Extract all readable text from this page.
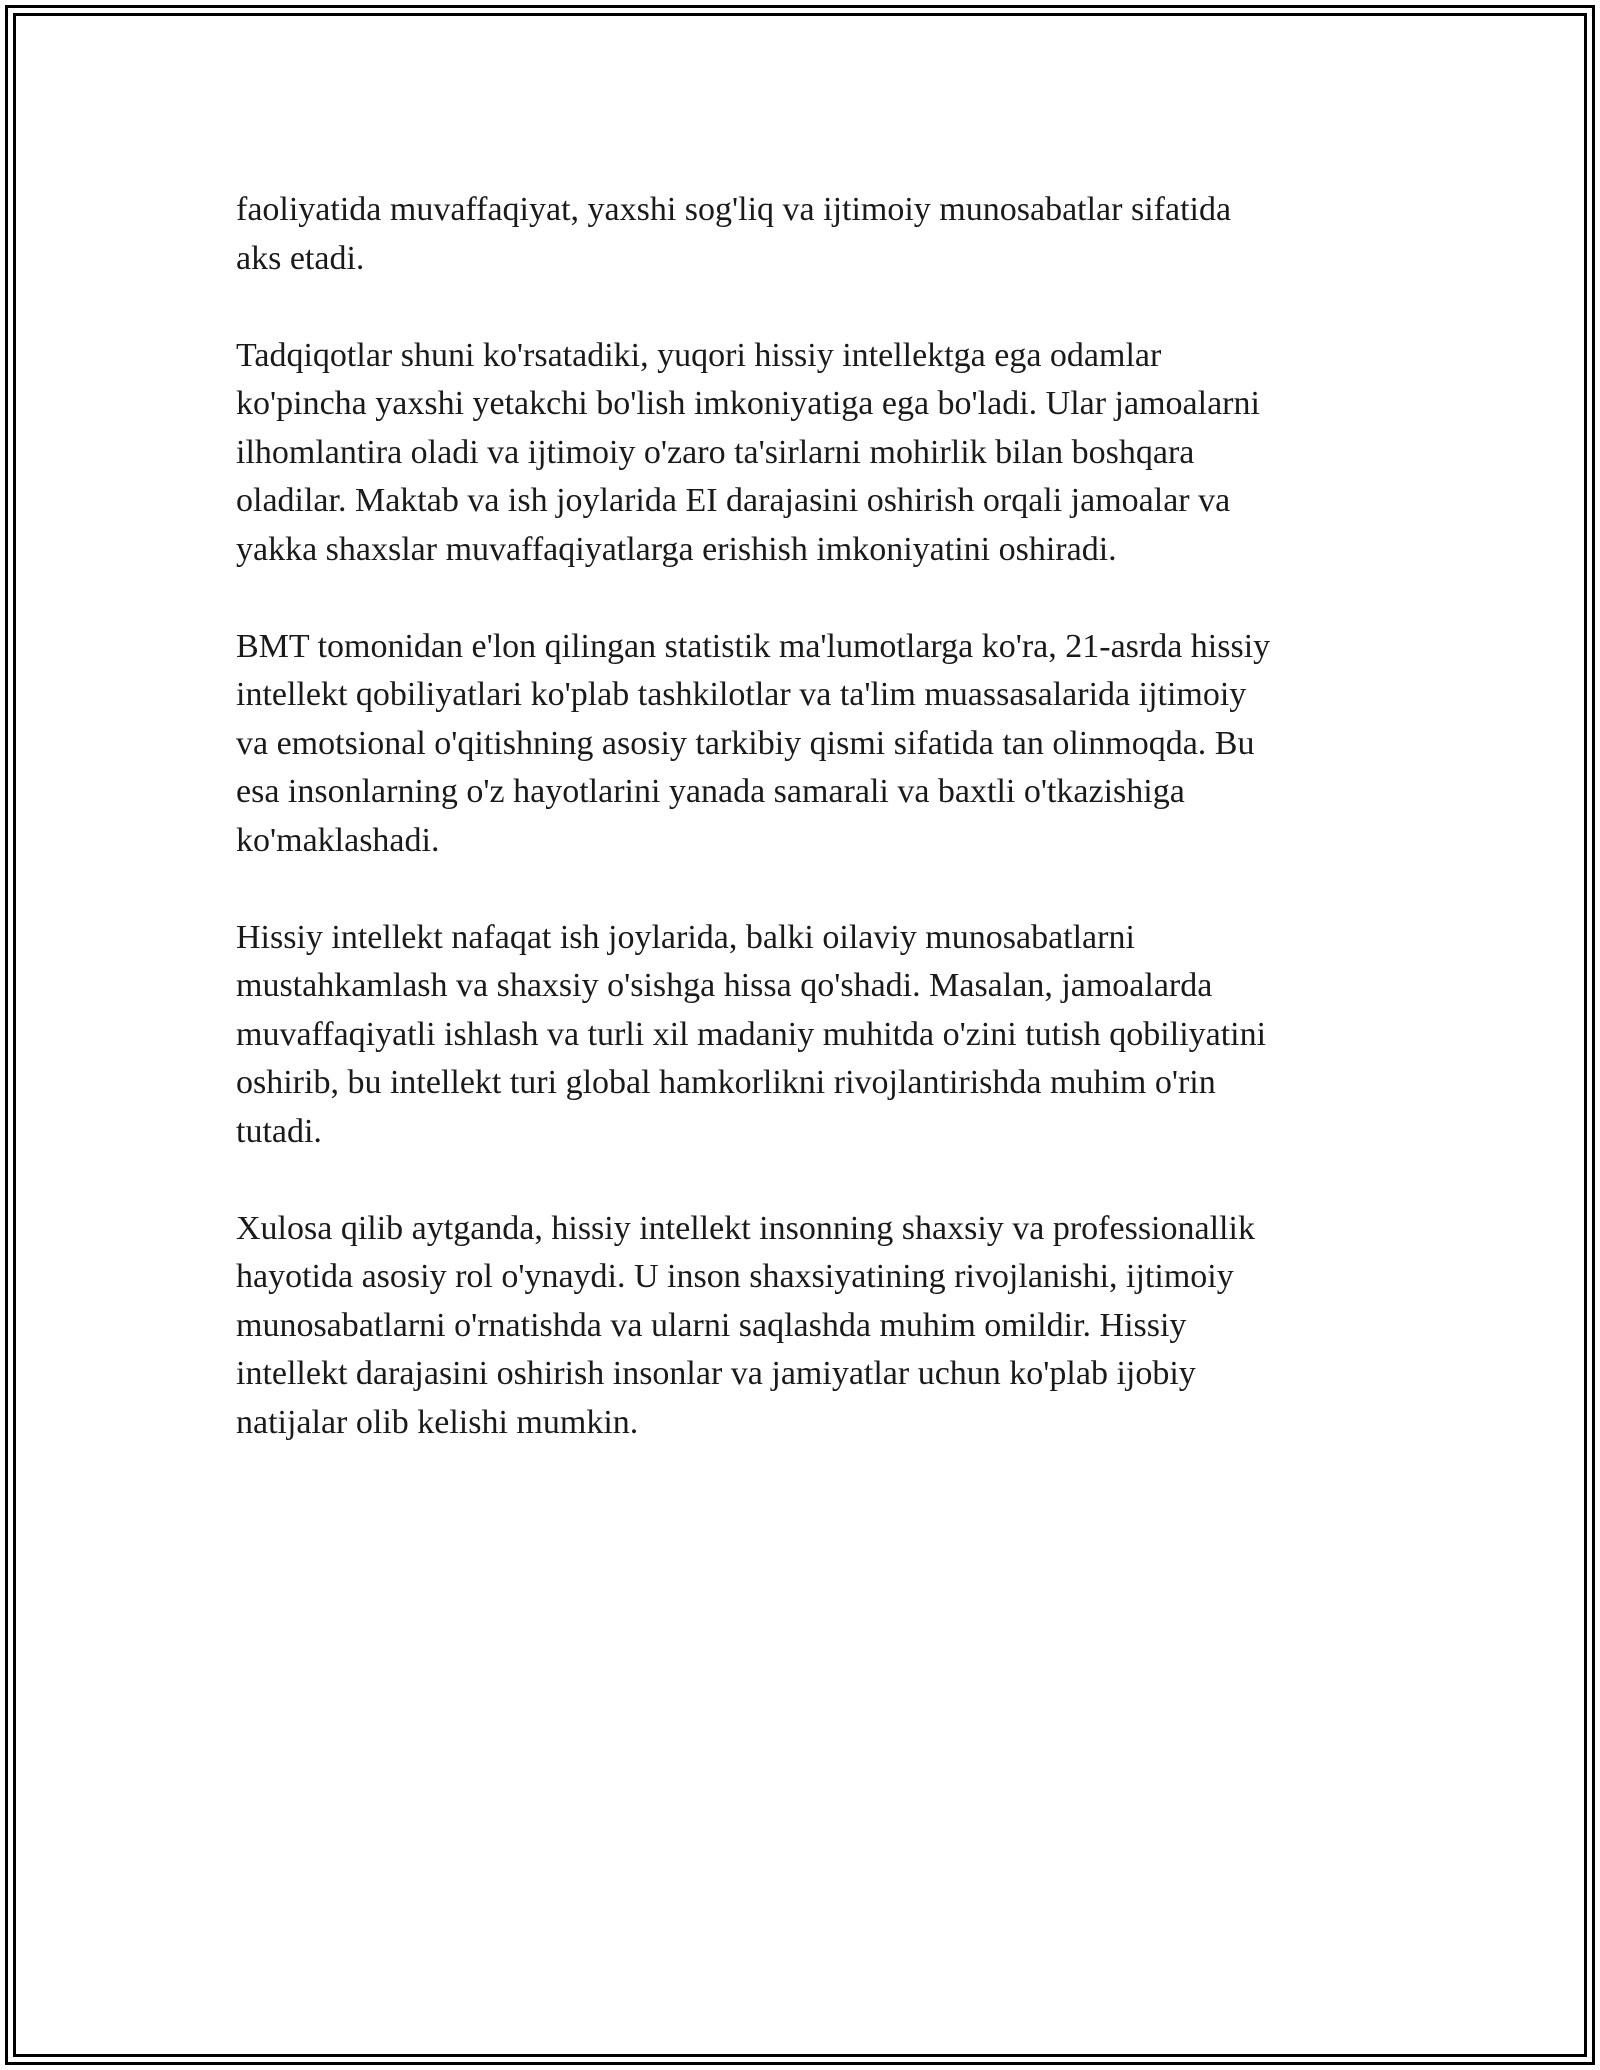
faoliyatida muvaffaqiyat, yaxshi sog'liq va ijtimoiy munosabatlar sifatida
aks etadi.

Tadqiqotlar shuni ko'rsatadiki, yuqori hissiy intellektga ega odamlar
ko'pincha yaxshi yetakchi bo'lish imkoniyatiga ega bo'ladi. Ular jamoalarni
ilhomlantira oladi va ijtimoiy o'zaro ta'sirlarni mohirlik bilan boshqara
oladilar. Maktab va ish joylarida EI darajasini oshirish orqali jamoalar va
yakka shaxslar muvaffaqiyatlarga erishish imkoniyatini oshiradi.

BMT tomonidan e'lon qilingan statistik ma'lumotlarga ko'ra, 21-asrda hissiy
intellekt qobiliyatlari ko'plab tashkilotlar va ta'lim muassasalarida ijtimoiy
va emotsional o'qitishning asosiy tarkibiy qismi sifatida tan olinmoqda. Bu
esa insonlarning o'z hayotlarini yanada samarali va baxtli o'tkazishiga
ko'maklashadi.

Hissiy intellekt nafaqat ish joylarida, balki oilaviy munosabatlarni
mustahkamlash va shaxsiy o'sishga hissa qo'shadi. Masalan, jamoalarda
muvaffaqiyatli ishlash va turli xil madaniy muhitda o'zini tutish qobiliyatini
oshirib, bu intellekt turi global hamkorlikni rivojlantirishda muhim o'rin
tutadi.

Xulosa qilib aytganda, hissiy intellekt insonning shaxsiy va professionallik
hayotida asosiy rol o'ynaydi. U inson shaxsiyatining rivojlanishi, ijtimoiy
munosabatlarni o'rnatishda va ularni saqlashda muhim omildir. Hissiy
intellekt darajasini oshirish insonlar va jamiyatlar uchun ko'plab ijobiy
natijalar olib kelishi mumkin.
